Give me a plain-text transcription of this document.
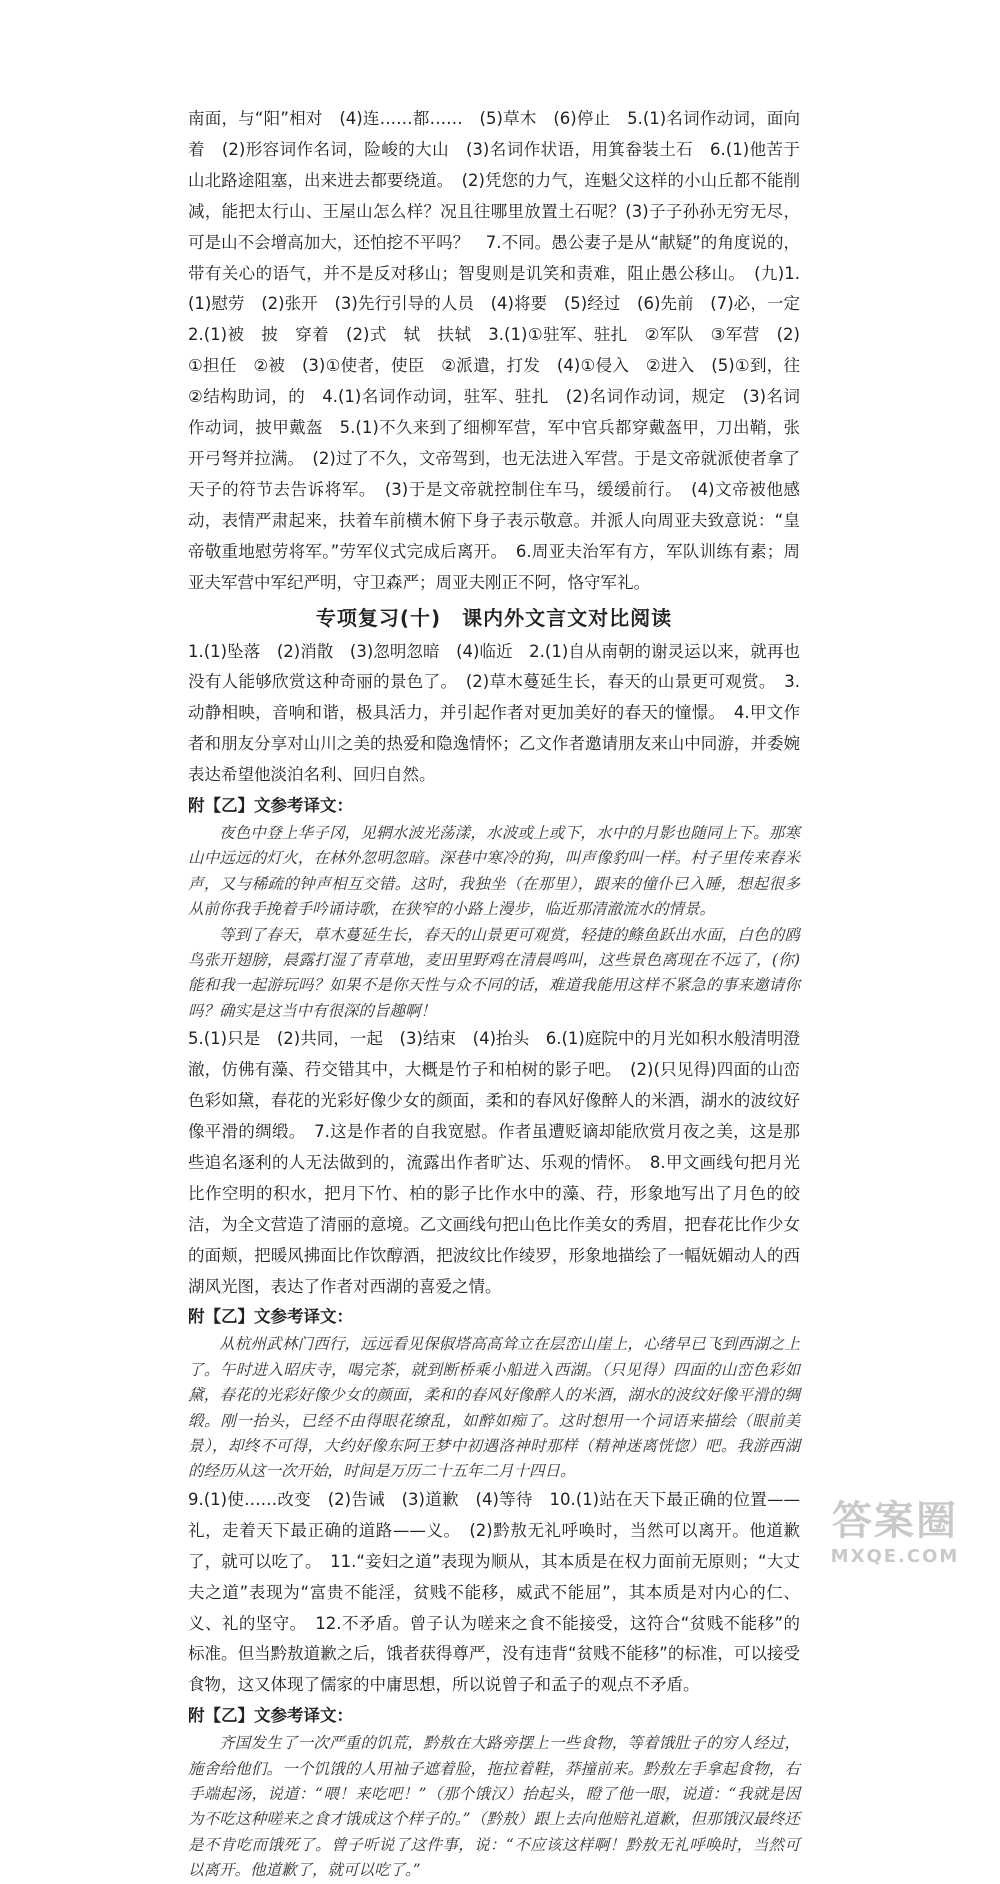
南面，与“阳”相对　(4)连……都……　(5)草木　(6)停止　5.(1)名词作动词，面向着　(2)形容词作名词，险峻的大山　(3)名词作状语，用箕畚装土石　6.(1)他苦于山北路途阻塞，出来进去都要绕道。　(2)凭您的力气，连魁父这样的小山丘都不能削减，能把太行山、王屋山怎么样？况且往哪里放置土石呢？(3)子子孙孙无穷无尽，可是山不会增高加大，还怕挖不平吗？　7.不同。愚公妻子是从“献疑”的角度说的，带有关心的语气，并不是反对移山；智叟则是讥笑和责难，阻止愚公移山。　(九)1.(1)慰劳　(2)张开　(3)先行引导的人员　(4)将要　(5)经过　(6)先前　(7)必，一定　2.(1)被　披　穿着　(2)式　轼　扶轼　3.(1)①驻军、驻扎　②军队　③军营　(2)①担任　②被　(3)①使者，使臣　②派遣，打发　(4)①侵入　②进入　(5)①到，往　②结构助词，的　4.(1)名词作动词，驻军、驻扎　(2)名词作动词，规定　(3)名词作动词，披甲戴盔　5.(1)不久来到了细柳军营，军中官兵都穿戴盔甲，刀出鞘，张开弓弩并拉满。　(2)过了不久，文帝驾到，也无法进入军营。于是文帝就派使者拿了天子的符节去告诉将军。　(3)于是文帝就控制住车马，缓缓前行。　(4)文帝被他感动，表情严肃起来，扶着车前横木俯下身子表示敬意。并派人向周亚夫致意说：“皇帝敬重地慰劳将军。”劳军仪式完成后离开。　6.周亚夫治军有方，军队训练有素；周亚夫军营中军纪严明，守卫森严；周亚夫刚正不阿，恪守军礼。

专项复习(十)　课内外文言文对比阅读

1.(1)坠落　(2)消散　(3)忽明忽暗　(4)临近　2.(1)自从南朝的谢灵运以来，就再也没有人能够欣赏这种奇丽的景色了。　(2)草木蔓延生长，春天的山景更可观赏。　3.动静相映，音响和谐，极具活力，并引起作者对更加美好的春天的憧憬。　4.甲文作者和朋友分享对山川之美的热爱和隐逸情怀；乙文作者邀请朋友来山中同游，并委婉表达希望他淡泊名利、回归自然。

附【乙】文参考译文：

夜色中登上华子冈，见辋水波光荡漾，水波或上或下，水中的月影也随同上下。那寒山中远远的灯火，在林外忽明忽暗。深巷中寒冷的狗，叫声像豹叫一样。村子里传来舂米声，又与稀疏的钟声相互交错。这时，我独坐（在那里），跟来的僮仆已入睡，想起很多从前你我手挽着手吟诵诗歌，在狭窄的小路上漫步，临近那清澈流水的情景。

等到了春天，草木蔓延生长，春天的山景更可观赏，轻捷的鲦鱼跃出水面，白色的鸥鸟张开翅膀，晨露打湿了青草地，麦田里野鸡在清晨鸣叫，这些景色离现在不远了，(你)能和我一起游玩吗？如果不是你天性与众不同的话，难道我能用这样不紧急的事来邀请你吗？确实是这当中有很深的旨趣啊！

5.(1)只是　(2)共同，一起　(3)结束　(4)抬头　6.(1)庭院中的月光如积水般清明澄澈，仿佛有藻、荇交错其中，大概是竹子和柏树的影子吧。　(2)(只见得)四面的山峦色彩如黛，春花的光彩好像少女的颜面，柔和的春风好像醉人的米酒，湖水的波纹好像平滑的绸缎。　7.这是作者的自我宽慰。作者虽遭贬谪却能欣赏月夜之美，这是那些追名逐利的人无法做到的，流露出作者旷达、乐观的情怀。　8.甲文画线句把月光比作空明的积水，把月下竹、柏的影子比作水中的藻、荇，形象地写出了月色的皎洁，为全文营造了清丽的意境。乙文画线句把山色比作美女的秀眉，把春花比作少女的面颊，把暖风拂面比作饮醇酒，把波纹比作绫罗，形象地描绘了一幅妩媚动人的西湖风光图，表达了作者对西湖的喜爱之情。

附【乙】文参考译文：

从杭州武林门西行，远远看见保俶塔高高耸立在层峦山崖上，心绪早已飞到西湖之上了。午时进入昭庆寺，喝完茶，就到断桥乘小船进入西湖。（只见得）四面的山峦色彩如黛，春花的光彩好像少女的颜面，柔和的春风好像醉人的米酒，湖水的波纹好像平滑的绸缎。刚一抬头，已经不由得眼花缭乱，如醉如痴了。这时想用一个词语来描绘（眼前美景），却终不可得，大约好像东阿王梦中初遇洛神时那样（精神迷离恍惚）吧。我游西湖的经历从这一次开始，时间是万历二十五年二月十四日。

9.(1)使……改变　(2)告诫　(3)道歉　(4)等待　10.(1)站在天下最正确的位置——礼，走着天下最正确的道路——义。　(2)黔敖无礼呼唤时，当然可以离开。他道歉了，就可以吃了。　11.“妾妇之道”表现为顺从，其本质是在权力面前无原则；“大丈夫之道”表现为“富贵不能淫，贫贱不能移，威武不能屈”，其本质是对内心的仁、义、礼的坚守。　12.不矛盾。曾子认为嗟来之食不能接受，这符合“贫贱不能移”的标准。但当黔敖道歉之后，饿者获得尊严，没有违背“贫贱不能移”的标准，可以接受食物，这又体现了儒家的中庸思想，所以说曾子和孟子的观点不矛盾。

附【乙】文参考译文：

齐国发生了一次严重的饥荒，黔敖在大路旁摆上一些食物，等着饿肚子的穷人经过，施舍给他们。一个饥饿的人用袖子遮着脸，拖拉着鞋，莽撞前来。黔敖左手拿起食物，右手端起汤，说道：“喂！来吃吧！”（那个饿汉）抬起头，瞪了他一眼，说道：“我就是因为不吃这种嗟来之食才饿成这个样子的。”（黔敖）跟上去向他赔礼道歉，但那饿汉最终还是不肯吃而饿死了。曾子听说了这件事，说：“不应该这样啊！黔敖无礼呼唤时，当然可以离开。他道歉了，就可以吃了。”

答案圈
MXQE.COM
